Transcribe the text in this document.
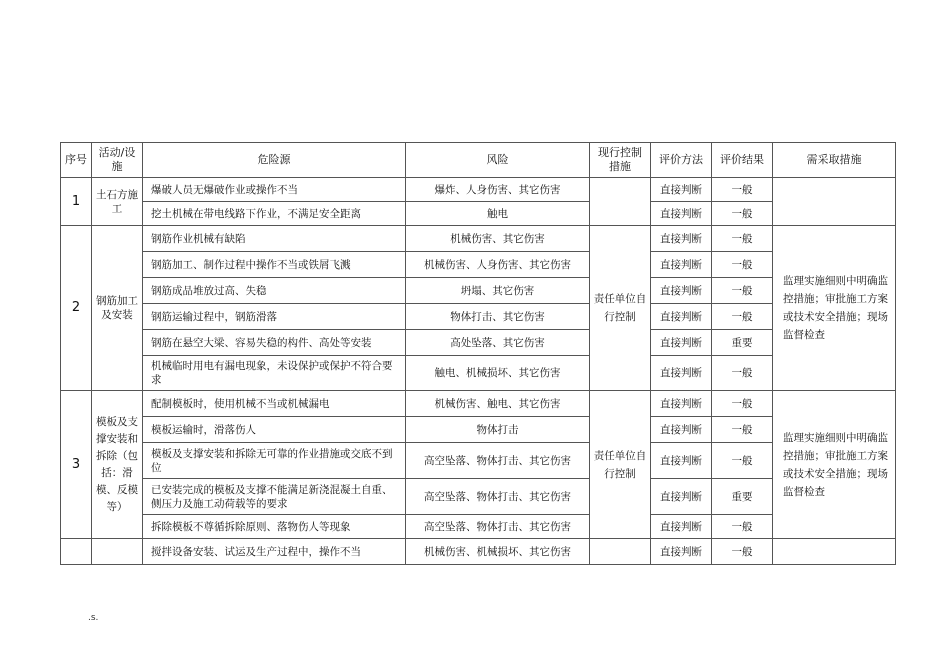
序号	活动/设施	危险源	风险	现行控制措施	评价方法	评价结果	需采取措施
1	土石方施工	爆破人员无爆破作业或操作不当	爆炸、人身伤害、其它伤害		直接判断	一般	
		挖土机械在带电线路下作业，不满足安全距离	触电		直接判断	一般	
2	钢筋加工及安装	钢筋作业机械有缺陷	机械伤害、其它伤害	责任单位自行控制	直接判断	一般	监理实施细则中明确监控措施；审批施工方案或技术安全措施；现场监督检查
		钢筋加工、制作过程中操作不当或铁屑飞溅	机械伤害、人身伤害、其它伤害		直接判断	一般	
		钢筋成品堆放过高、失稳	坍塌、其它伤害		直接判断	一般	
		钢筋运输过程中，钢筋滑落	物体打击、其它伤害		直接判断	一般	
		钢筋在悬空大梁、容易失稳的构件、高处等安装	高处坠落、其它伤害		直接判断	重要	
		机械临时用电有漏电现象，未设保护或保护不符合要求	触电、机械损坏、其它伤害		直接判断	一般	
3	模板及支撑安装和拆除（包括：滑模、反模等）	配制模板时，使用机械不当或机械漏电	机械伤害、触电、其它伤害	责任单位自行控制	直接判断	一般	监理实施细则中明确监控措施；审批施工方案或技术安全措施；现场监督检查
		模板运输时，滑落伤人	物体打击		直接判断	一般	
		模板及支撑安装和拆除无可靠的作业措施或交底不到位	高空坠落、物体打击、其它伤害		直接判断	一般	
		已安装完成的模板及支撑不能满足新浇混凝土自重、侧压力及施工动荷载等的要求	高空坠落、物体打击、其它伤害		直接判断	重要	
		拆除模板不尊循拆除原则、落物伤人等现象	高空坠落、物体打击、其它伤害		直接判断	一般	
		搅拌设备安装、试运及生产过程中，操作不当	机械伤害、机械损坏、其它伤害		直接判断	一般	
.s.
